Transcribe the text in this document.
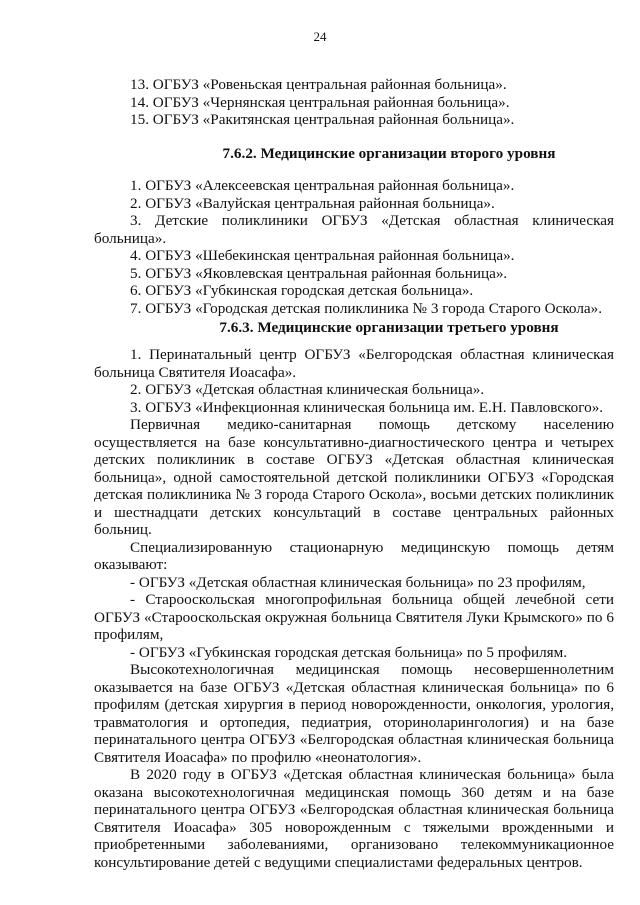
24
13. ОГБУЗ «Ровеньская центральная районная больница».
14. ОГБУЗ «Чернянская центральная районная больница».
15. ОГБУЗ «Ракитянская центральная районная больница».
7.6.2. Медицинские организации второго уровня
1. ОГБУЗ «Алексеевская центральная районная больница».
2. ОГБУЗ «Валуйская центральная районная больница».
3. Детские поликлиники ОГБУЗ «Детская областная клиническая больница».
4. ОГБУЗ «Шебекинская центральная районная больница».
5. ОГБУЗ «Яковлевская центральная районная больница».
6. ОГБУЗ «Губкинская городская детская больница».
7. ОГБУЗ «Городская детская поликлиника № 3 города Старого Оскола».
7.6.3. Медицинские организации третьего уровня
1. Перинатальный центр ОГБУЗ «Белгородская областная клиническая больница Святителя Иоасафа».
2. ОГБУЗ «Детская областная клиническая больница».
3. ОГБУЗ «Инфекционная клиническая больница им. Е.Н. Павловского».
Первичная медико-санитарная помощь детскому населению осуществляется на базе консультативно-диагностического центра и четырех детских поликлиник в составе ОГБУЗ «Детская областная клиническая больница», одной самостоятельной детской поликлиники ОГБУЗ «Городская детская поликлиника № 3 города Старого Оскола», восьми детских поликлиник и шестнадцати детских консультаций в составе центральных районных больниц.
Специализированную стационарную медицинскую помощь детям оказывают:
- ОГБУЗ «Детская областная клиническая больница» по 23 профилям,
- Старооскольская многопрофильная больница общей лечебной сети ОГБУЗ «Старооскольская окружная больница Святителя Луки Крымского» по 6 профилям,
- ОГБУЗ «Губкинская городская детская больница» по 5 профилям.
Высокотехнологичная медицинская помощь несовершеннолетним оказывается на базе ОГБУЗ «Детская областная клиническая больница» по 6 профилям (детская хирургия в период новорожденности, онкология, урология, травматология и ортопедия, педиатрия, оториноларингология) и на базе перинатального центра ОГБУЗ «Белгородская областная клиническая больница Святителя Иоасафа» по профилю «неонатология».
В 2020 году в ОГБУЗ «Детская областная клиническая больница» была оказана высокотехнологичная медицинская помощь 360 детям и на базе перинатального центра ОГБУЗ «Белгородская областная клиническая больница Святителя Иоасафа» 305 новорожденным с тяжелыми врожденными и приобретенными заболеваниями, организовано телекоммуникационное консультирование детей с ведущими специалистами федеральных центров.
